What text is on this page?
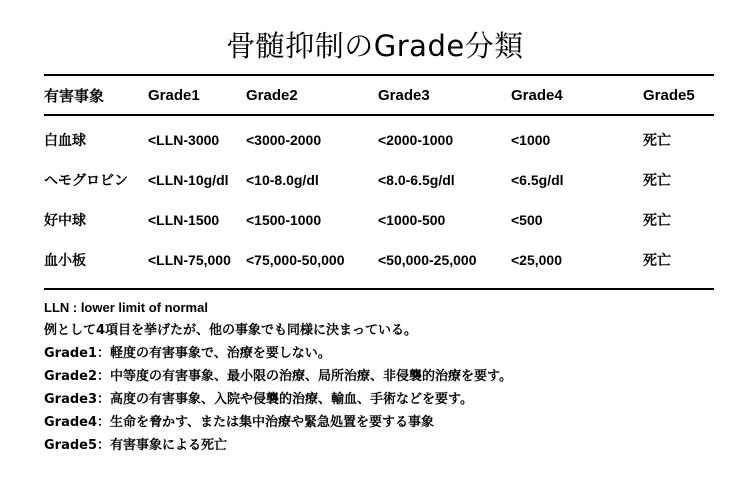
骨髄抑制のGrade分類
有害事象	Grade1	Grade2	Grade3	Grade4	Grade5
白血球	<LLN-3000	<3000-2000	<2000-1000	<1000	死亡
ヘモグロビン	<LLN-10g/dl	<10-8.0g/dl	<8.0-6.5g/dl	<6.5g/dl	死亡
好中球	<LLN-1500	<1500-1000	<1000-500	<500	死亡
血小板	<LLN-75,000	<75,000-50,000	<50,000-25,000	<25,000	死亡
LLN : lower limit of normal
例として4項目を挙げたが、他の事象でも同様に決まっている。
Grade1：軽度の有害事象で、治療を要しない。
Grade2：中等度の有害事象、最小限の治療、局所治療、非侵襲的治療を要す。
Grade3：高度の有害事象、入院や侵襲的治療、輸血、手術などを要す。
Grade4：生命を脅かす、または集中治療や緊急処置を要する事象
Grade5：有害事象による死亡
